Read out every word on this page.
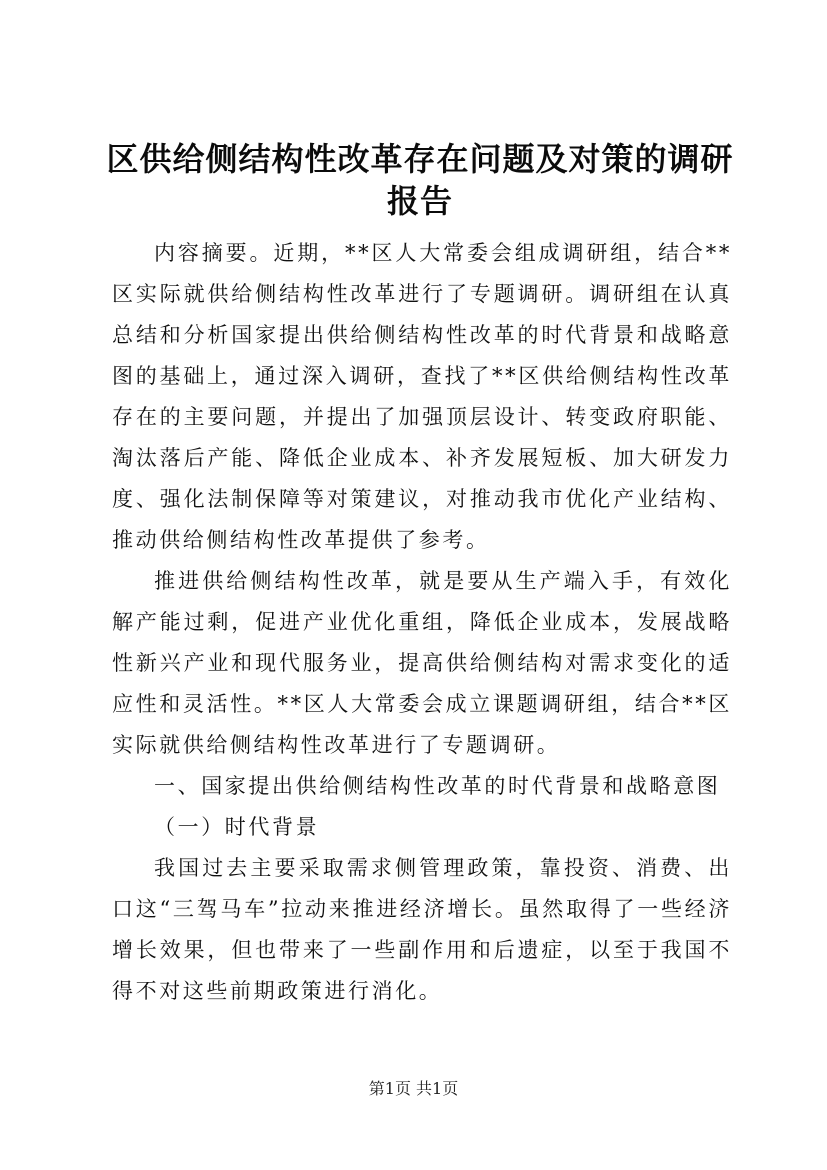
区供给侧结构性改革存在问题及对策的调研报告

内容摘要。近期，**区人大常委会组成调研组，结合**区实际就供给侧结构性改革进行了专题调研。调研组在认真总结和分析国家提出供给侧结构性改革的时代背景和战略意图的基础上，通过深入调研，查找了**区供给侧结构性改革存在的主要问题，并提出了加强顶层设计、转变政府职能、淘汰落后产能、降低企业成本、补齐发展短板、加大研发力度、强化法制保障等对策建议，对推动我市优化产业结构、推动供给侧结构性改革提供了参考。

推进供给侧结构性改革，就是要从生产端入手，有效化解产能过剩，促进产业优化重组，降低企业成本，发展战略性新兴产业和现代服务业，提高供给侧结构对需求变化的适应性和灵活性。**区人大常委会成立课题调研组，结合**区实际就供给侧结构性改革进行了专题调研。

一、国家提出供给侧结构性改革的时代背景和战略意图

（一）时代背景

我国过去主要采取需求侧管理政策，靠投资、消费、出口这“三驾马车”拉动来推进经济增长。虽然取得了一些经济增长效果，但也带来了一些副作用和后遗症，以至于我国不得不对这些前期政策进行消化。

第1页 共1页
